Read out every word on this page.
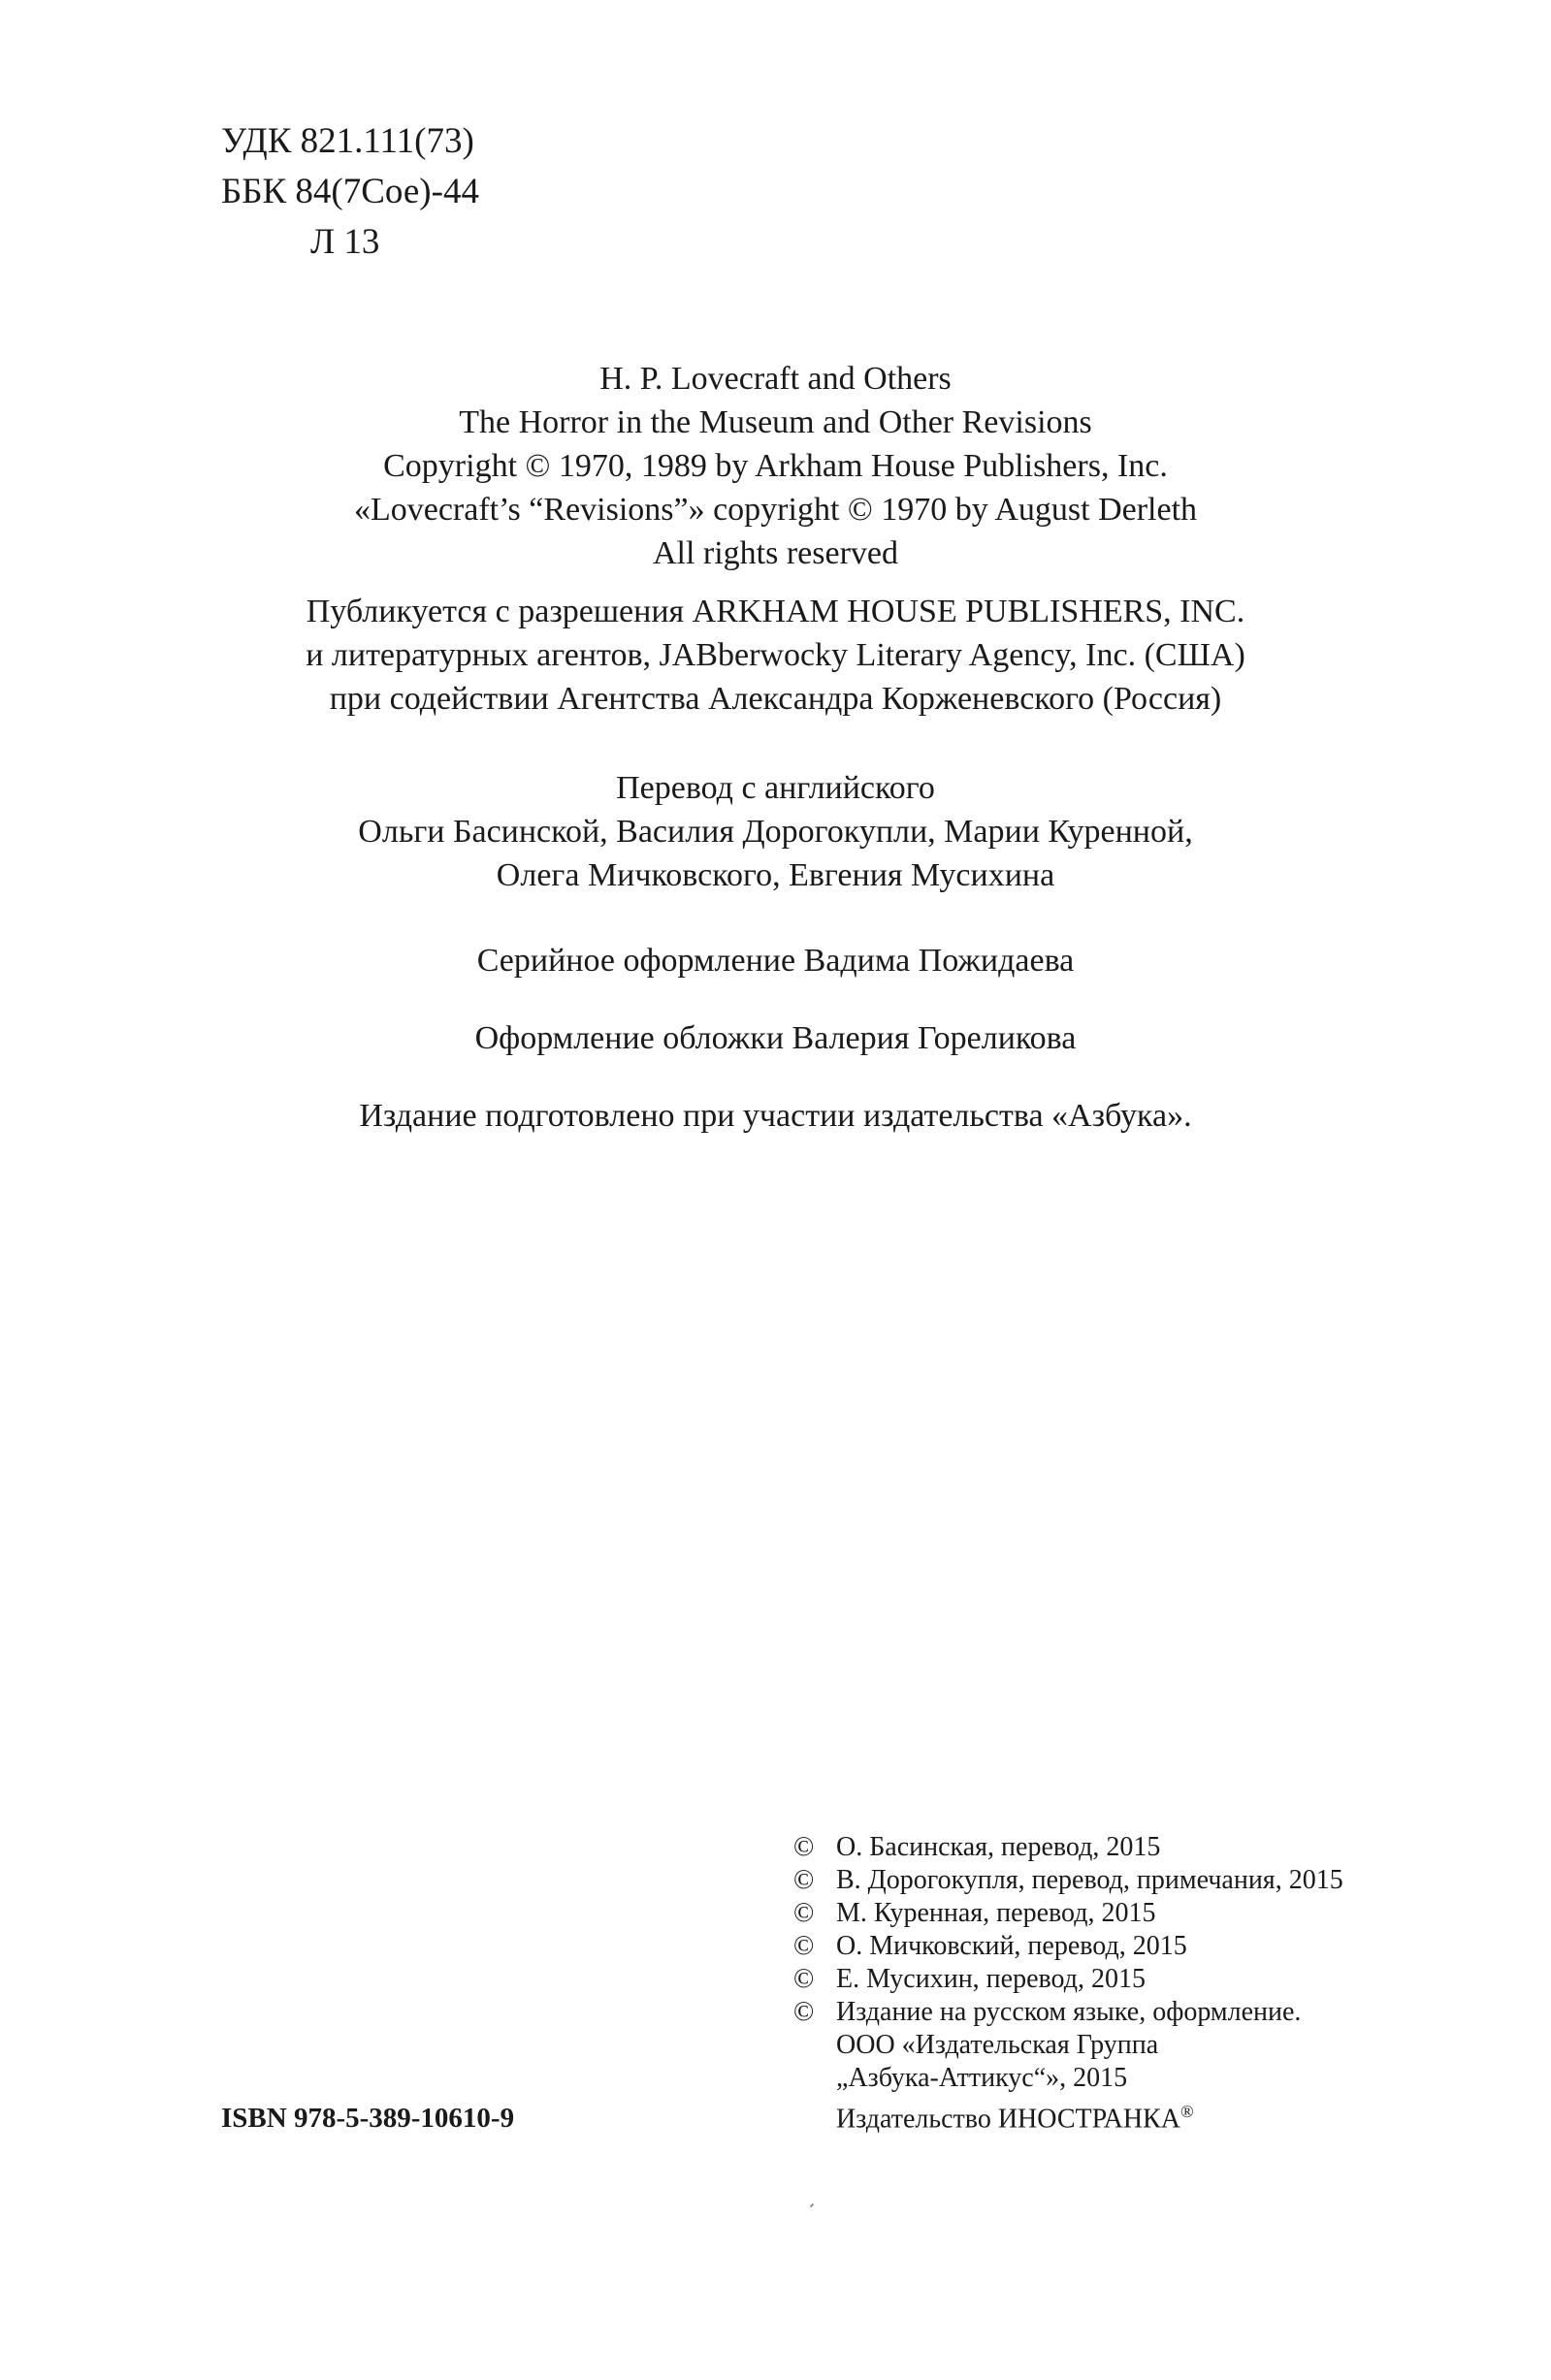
УДК 821.111(73)
ББК 84(7Сое)-44
Л 13
H. P. Lovecraft and Others
The Horror in the Museum and Other Revisions
Copyright © 1970, 1989 by Arkham House Publishers, Inc.
«Lovecraft’s “Revisions”» copyright © 1970 by August Derleth
All rights reserved
Публикуется с разрешения ARKHAM HOUSE PUBLISHERS, INC.
и литературных агентов, JABberwocky Literary Agency, Inc. (США)
при содействии Агентства Александра Корженевского (Россия)
Перевод с английского
Ольги Басинской, Василия Дорогокупли, Марии Куренной,
Олега Мичковского, Евгения Мусихина
Серийное оформление Вадима Пожидаева
Оформление обложки Валерия Гореликова
Издание подготовлено при участии издательства «Азбука».
ISBN 978-5-389-10610-9
© О. Басинская, перевод, 2015
© В. Дорогокупля, перевод, примечания, 2015
© М. Куренная, перевод, 2015
© О. Мичковский, перевод, 2015
© Е. Мусихин, перевод, 2015
© Издание на русском языке, оформление.
ООО «Издательская Группа
„Азбука-Аттикус“», 2015
Издательство ИНОСТРАНКА®
